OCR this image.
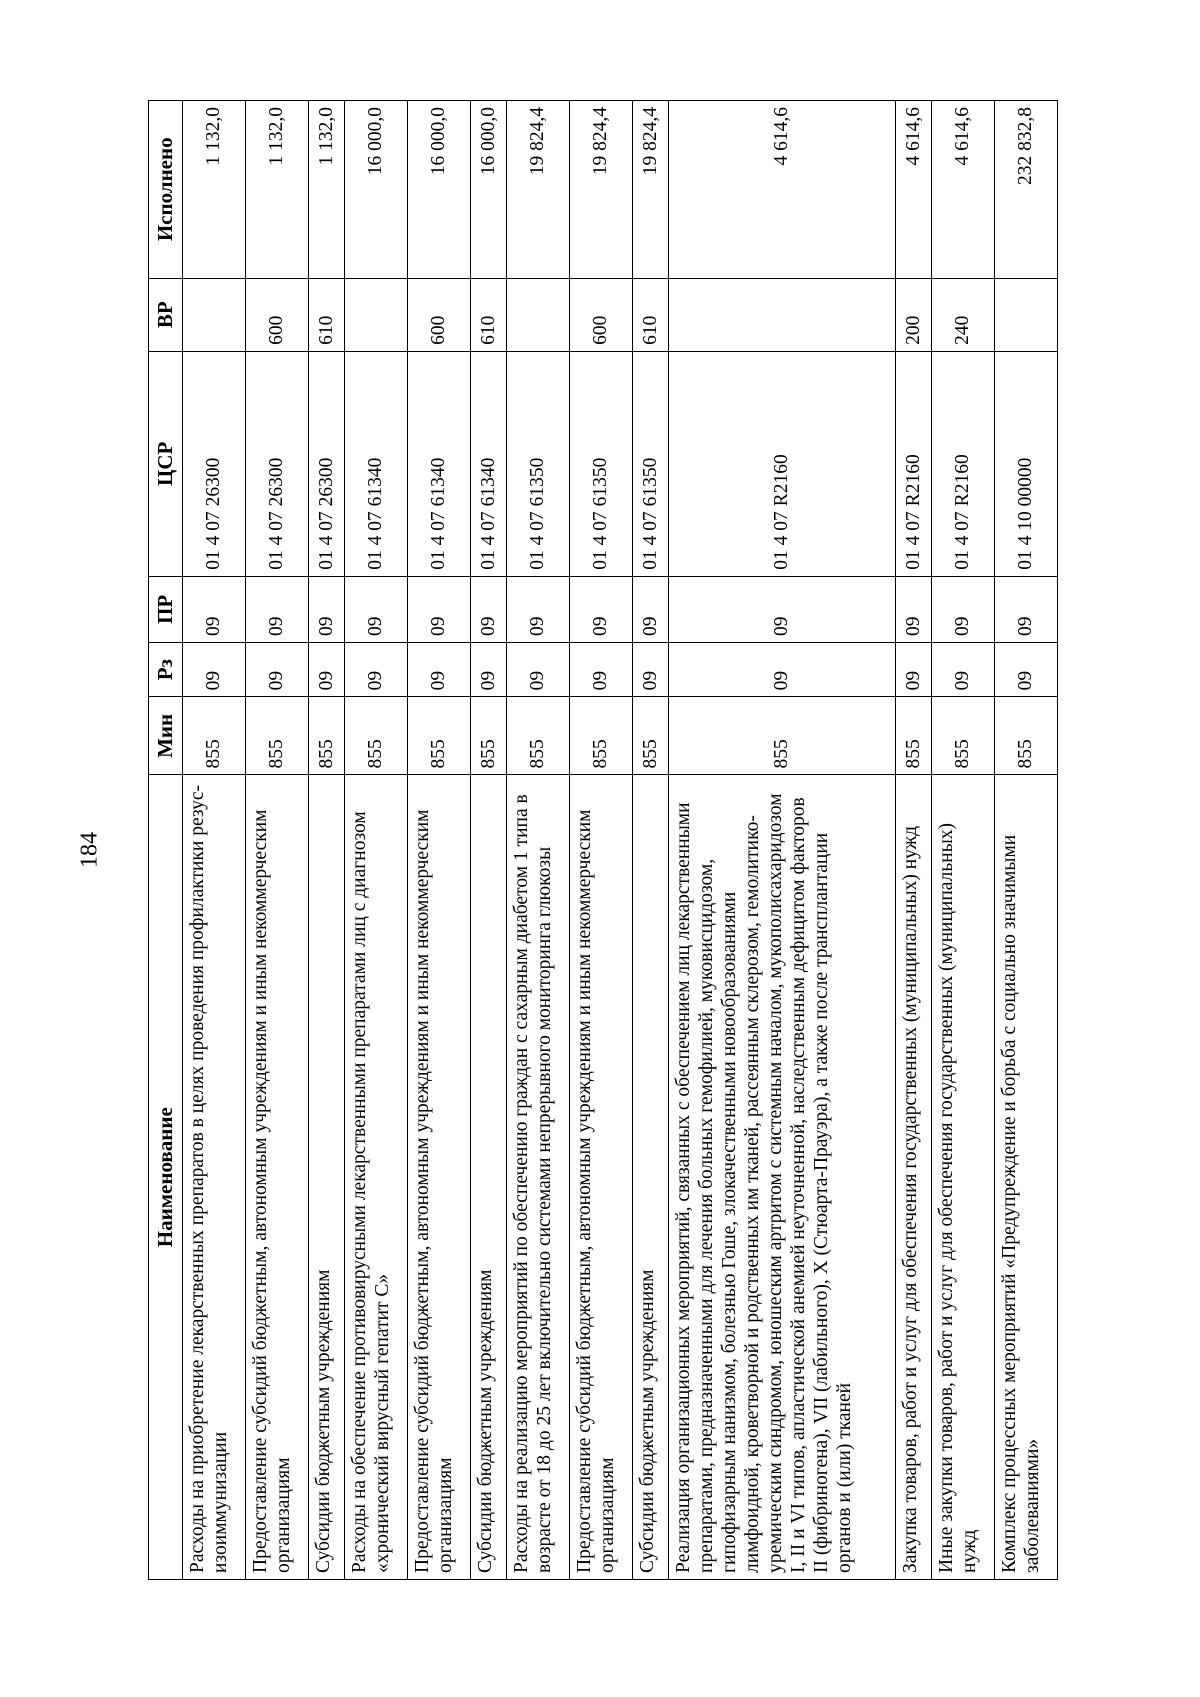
184
Наименование	Мин	Рз	ПР	ЦСР	ВР	Исполнено
Расходы на приобретение лекарственных препаратов в целях проведения профилактики резус-изоиммунизации	855	09	09	01 4 07 26300		1 132,0
Предоставление субсидий бюджетным, автономным учреждениям и иным некоммерческим организациям	855	09	09	01 4 07 26300	600	1 132,0
Субсидии бюджетным учреждениям	855	09	09	01 4 07 26300	610	1 132,0
Расходы на обеспечение противовирусными лекарственными препаратами лиц с диагнозом «хронический вирусный гепатит С»	855	09	09	01 4 07 61340		16 000,0
Предоставление субсидий бюджетным, автономным учреждениям и иным некоммерческим организациям	855	09	09	01 4 07 61340	600	16 000,0
Субсидии бюджетным учреждениям	855	09	09	01 4 07 61340	610	16 000,0
Расходы на реализацию мероприятий по обеспечению граждан с сахарным диабетом 1 типа в возрасте от 18 до 25 лет включительно системами непрерывного мониторинга глюкозы	855	09	09	01 4 07 61350		19 824,4
Предоставление субсидий бюджетным, автономным учреждениям и иным некоммерческим организациям	855	09	09	01 4 07 61350	600	19 824,4
Субсидии бюджетным учреждениям	855	09	09	01 4 07 61350	610	19 824,4
Реализация организационных мероприятий, связанных с обеспечением лиц лекарственными препаратами, предназначенными для лечения больных гемофилией, муковисцидозом, гипофизарным нанизмом, болезнью Гоше, злокачественными новообразованиями лимфоидной, кроветворной и родственных им тканей, рассеянным склерозом, гемолитико-уремическим синдромом, юношеским артритом с системным началом, мукополисахаридозом I, II и VI типов, апластической анемией неуточненной, наследственным дефицитом факторов II (фибриногена), VII (лабильного), X (Стюарта-Прауэра), а также после трансплантации органов и (или) тканей	855	09	09	01 4 07 R2160		4 614,6
Закупка товаров, работ и услуг для обеспечения государственных (муниципальных) нужд	855	09	09	01 4 07 R2160	200	4 614,6
Иные закупки товаров, работ и услуг для обеспечения государственных (муниципальных) нужд	855	09	09	01 4 07 R2160	240	4 614,6
Комплекс процессных мероприятий «Предупреждение и борьба с социально значимыми заболеваниями»	855	09	09	01 4 10 00000		232 832,8
